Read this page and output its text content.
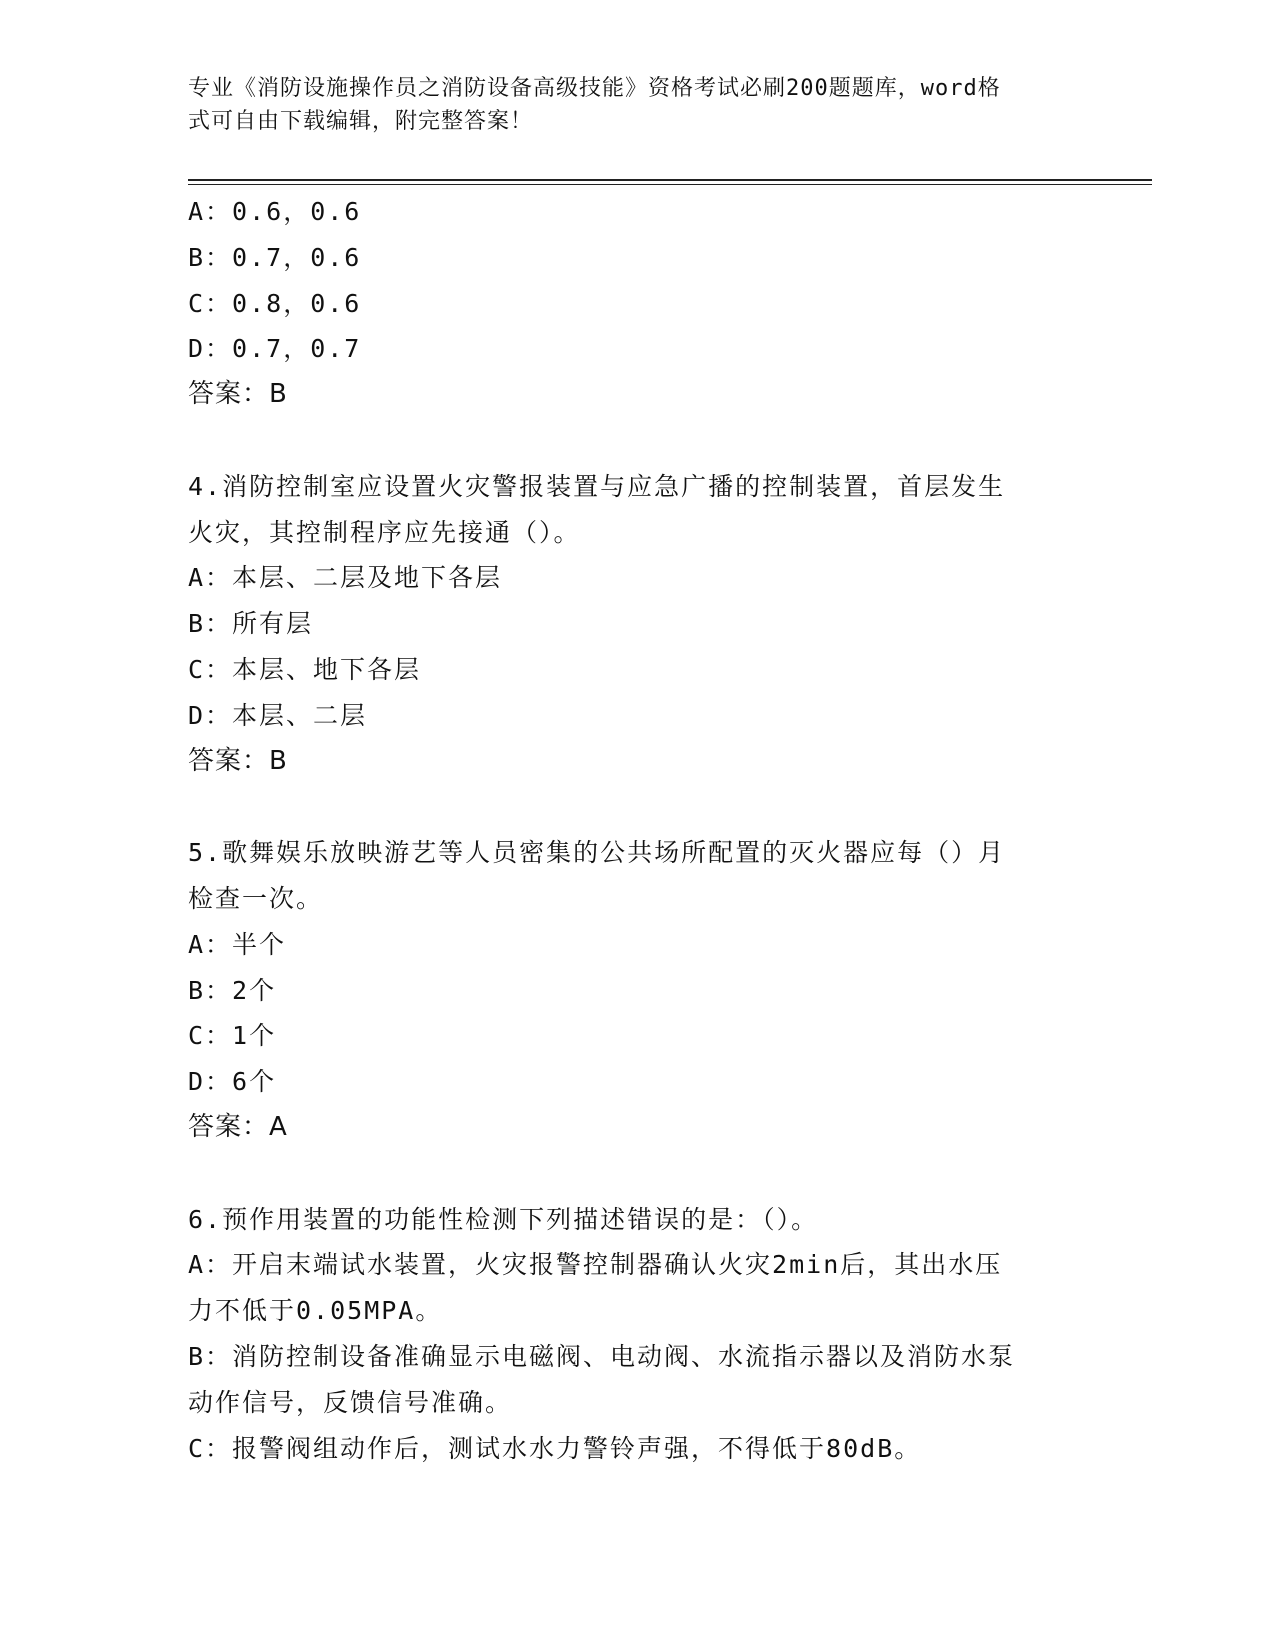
专业《消防设施操作员之消防设备高级技能》资格考试必刷200题题库，word格
式可自由下载编辑，附完整答案！
A：0.6，0.6
B：0.7，0.6
C：0.8，0.6
D：0.7，0.7
答案：B
4.消防控制室应设置火灾警报装置与应急广播的控制装置，首层发生
火灾，其控制程序应先接通（）。
A：本层、二层及地下各层
B：所有层
C：本层、地下各层
D：本层、二层
答案：B
5.歌舞娱乐放映游艺等人员密集的公共场所配置的灭火器应每（）月
检查一次。
A：半个
B：2个
C：1个
D：6个
答案：A
6.预作用装置的功能性检测下列描述错误的是：（）。
A：开启末端试水装置，火灾报警控制器确认火灾2min后，其出水压
力不低于0.05MPA。
B：消防控制设备准确显示电磁阀、电动阀、水流指示器以及消防水泵
动作信号，反馈信号准确。
C：报警阀组动作后，测试水水力警铃声强，不得低于80dB。
